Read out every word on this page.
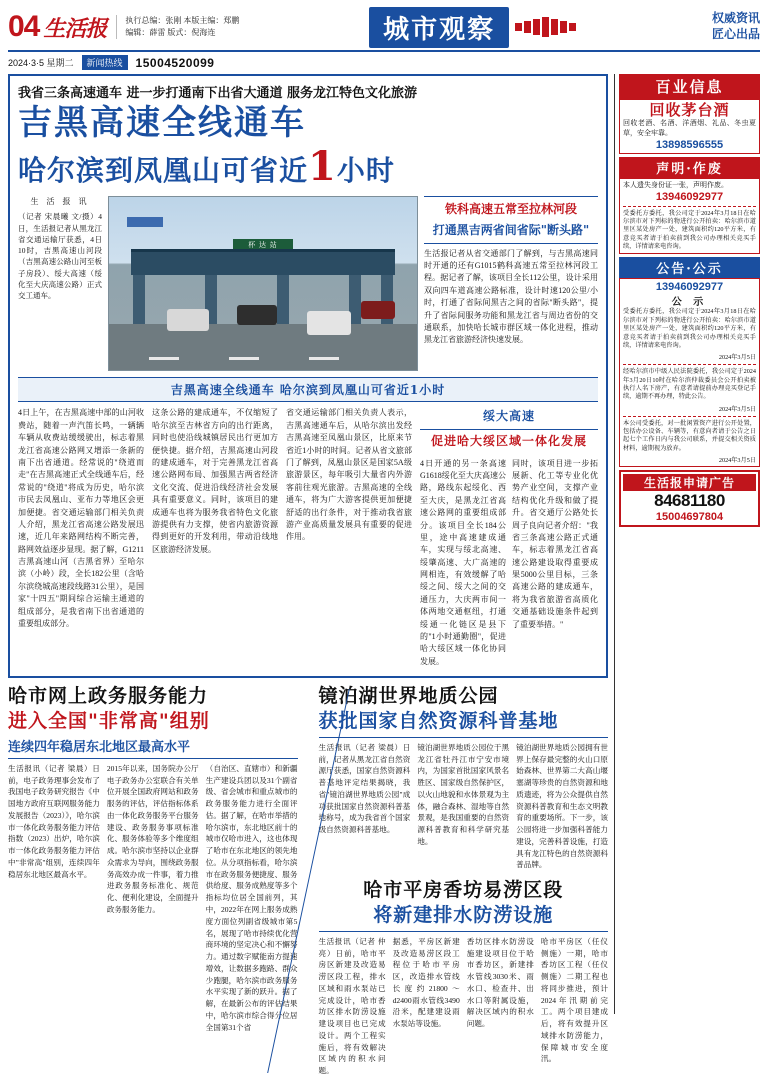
04 生活报 执行总编：张刚 本版主编：郑鹏
编辑：薛雷 版式：倪海连	城市观察	权威资讯
匠心出品
2024·3·5 星期二	新闻热线	15004520099
我省三条高速通车 进一步打通南下出省大通道 服务龙江特色文化旅游
吉黑高速全线通车
哈尔滨到凤凰山可省近1小时
生 活 报 讯
（记者 宋晨曦 文/摄）4日，生活报记者从黑龙江省交通运输厅获悉，4日10时，吉黑高速山河段（吉黑高速公路山河至板子房段）、绥大高速（绥化至大庆高速公路）正式交工通车。
杯 达 站
铁科高速五常至拉林河段
打通黑吉两省间省际"断头路"
生活报记者从省交通部门了解到，与吉黑高速同时开通的还有G1015鹤科高速五常至拉林河段工程。据记者了解，该项目全长112公里，设计采用双向四车道高速公路标准，设计时速120公里/小时，打通了省际间黑吉之间的省际"断头路"，提升了省际间服务功能和黑龙江省与周边省份的交通联系，加快哈长城市群区域一体化进程，推动黑龙江省旅游经济快速发展。
吉黑高速全线通车 哈尔滨到凤凰山可省近1小时
4日上午，在吉黑高速中部的山河收费站，随着一声汽笛长鸣，一辆辆车辆从收费站缓缓驶出，标志着黑龙江省高速公路网又增添一条新的南下出省通道。经常说的"绕道而走"在吉黑高速正式全线通车后，经常说的"绕道"将成为历史，哈尔滨市民去凤凰山、亚布力等地区会更加便捷。省交通运输部门相关负责人介绍，黑龙江省高速公路发展迅速，近几年来路网结构不断完善，路网效益逐步显现。据了解，G1211吉黑高速山河（吉黑省界）至哈尔滨（小岭）段，全长182公里（含哈尔滨绕城高速段线路31公里），是国家"十四五"期间综合运输主通道的组成部分，是我省南下出省通道的重要组成部分。
这条公路的建成通车，不仅缩短了哈尔滨至吉林省方向的出行距离，同时也使沿线城镇居民出行更加方便快捷。据介绍，吉黑高速山河段的建成通车，对于完善黑龙江省高速公路网布局、加强黑吉两省经济文化交流、促进沿线经济社会发展具有重要意义。同时，该项目的建成通车也将为服务我省特色文化旅游提供有力支撑，使省内旅游资源得到更好的开发利用，带动沿线地区旅游经济发展。
省交通运输部门相关负责人表示，吉黑高速通车后，从哈尔滨出发经吉黑高速至凤凰山景区，比原来节省近1小时的时间。记者从省文旅部门了解到，凤凰山景区是国家5A级旅游景区，每年吸引大量省内外游客前往观光旅游。吉黑高速的全线通车，将为广大游客提供更加便捷舒适的出行条件，对于推动我省旅游产业高质量发展具有重要的促进作用。
绥大高速
促进哈大绥区域一体化发展
4日开通的另一条高速G1618绥化至大庆高速公路，路线东起绥化、西至大庆，是黑龙江省高速公路网的重要组成部分。该项目全长184公里，途中高速建成通车，实现与绥北高速、绥肇高速、大广高速的网相连，有效缓解了哈绥之间、绥大之间的交通压力，大庆两市间一体两地交通枢纽，打通绥通一化链区是县下的"1小时通勤圈"，促进哈大绥区域一体化协同发展。
同时，该项目进一步拓展新、化工等专业化优势产业空间，支撑产业结构优化升级和做了提升。省交通厅公路处长周子良向记者介绍："我省三条高速公路正式通车，标志着黑龙江省高速公路建设取得重要成果5000公里目标，三条高速公路的建成通车，将为我省旅游省高质化交通基础设施条件起到了重要举措。"
哈市网上政务服务能力
进入全国"非常高"组别
连续四年稳居东北地区最高水平
生活报讯（记者 梁晨）日前，电子政务理事会发布了我国电子政务研究报告《中国地方政府互联网服务能力发展报告（2023）》，哈尔滨市一体化政务服务能力评估指数（2023）出炉，哈尔滨市一体化政务服务能力评估中"非常高"组别，连续四年稳居东北地区最高水平。
2015年以来，国务院办公厅电子政务办公室联合有关单位开展全国政府网站和政务服务的评估，评估指标体系由一体化政务服务平台服务建设、政务服务事项标准化、服务体验等多个维度组成。哈尔滨市坚持以企业群众需求为导向，围绕政务服务高效办成一件事，着力推进政务服务标准化、规范化、便利化建设，全面提升政务服务能力。
（自治区、直辖市）和新疆生产建设兵团以及31个副省级、省会城市和重点城市的政务服务能力进行全面评估。据了解，在哈市举措的哈尔滨市，东北地区前十的城市仅哈市进入，这也体现了哈市在东北地区的领先地位。从分项指标看，哈尔滨市在政务服务便捷度、服务供给度、服务成熟度等多个指标均位居全国前列，其中，2022年在网上服务成熟度方面位列副省级城市第5名，展现了哈市持续优化营商环境的坚定决心和不懈努力。通过数字赋能南方提速增效，让数据多跑路、群众少跑腿，哈尔滨市政务服务水平实现了新的跃升。据了解，在最新公布的评估结果中，哈尔滨市综合得分位居全国第31个省
镜泊湖世界地质公园
获批国家自然资源科普基地
生活报讯（记者 梁晨）日前，记者从黑龙江省自然资源厅获悉，国家自然资源科普基地评定结果揭晓，我省"镜泊湖世界地质公园"成功获批国家自然资源科普基地称号，成为我省首个国家级自然资源科普基地。
镜泊湖世界地质公园位于黑龙江省牡丹江市宁安市境内，为国家首批国家风景名胜区、国家级自然保护区，以火山地貌和水体景观为主体，融合森林、湿地等自然景观，是我国重要的自然资源科普教育和科学研究基地。
镜泊湖世界地质公园拥有世界上保存最完整的火山口原始森林、世界第二大高山堰塞湖等珍贵的自然资源和地质遗迹，将为公众提供自然资源科普教育和生态文明教育的重要场所。下一步，该公园将进一步加强科普能力建设，完善科普设施，打造具有龙江特色的自然资源科普品牌。
哈市平房香坊易涝区段
将新建排水防涝设施
生活报讯（记者 仲亮）日前，哈市平房区新建及改造易涝区段工程，排水区域和雨水泵站已完成设计，哈市香坊区排水防涝设施建设项目也已完成设计。两个工程实施后，将有效解决区域内的积水问题。
据悉，平房区新建及改造易涝区段工程位于哈市平房区，改造排水管线长度约21800～d2400雨水管线3490沿米，配建建设雨水泵站等设施。
香坊区排水防涝设施建设项目位于哈市香坊区，新建排水管线3030米、雨水口、检查井、出水口等附属设施，解决区域内的积水问题。
哈市平房区（任仪侧施）一期，哈市香坊区工程（任仪侧施）二期工程也将同步推进，预计2024年汛期前完工。两个项目建成后，将有效提升区域排水防涝能力，保障城市安全度汛。
百业信息
回收茅台酒
回收老酒、名酒、洋酒烟、礼品、冬虫夏草，安全牢靠。
13898596555
声明·作废
本人遗失身份证一张，声明作废。
13946092977
受委托方委托，我公司定于2024年3月18日在哈尔滨市对下列标的物进行公开拍卖：哈尔滨市道里区某处房产一处，建筑面积约120平方米，有意竞买者请于拍卖前到我公司办理相关竞买手续，详情请来电咨询。
公告·公示
13946092977
公 示
受委托方委托，我公司定于2024年3月18日在哈尔滨市对下列标的物进行公开拍卖：哈尔滨市道里区某处房产一处，建筑面积约120平方米，有意竞买者请于拍卖前到我公司办理相关竞买手续，详情请来电咨询。
2024年3月5日
经哈尔滨市中级人民法院委托，我公司定于2024年3月20日10时在哈尔滨仲裁委员会公开拍卖被执行人名下房产，有意者请提前办理竞买登记手续，逾期不再办理，特此公告。
2024年3月5日
本公司受委托，对一批闲置资产进行公开处置，包括办公设备、车辆等，有意向者请于公告之日起七个工作日内与我公司联系，并提交相关资质材料，逾期视为放弃。
2024年3月5日
生活报申请广告
84681180
15004697804
